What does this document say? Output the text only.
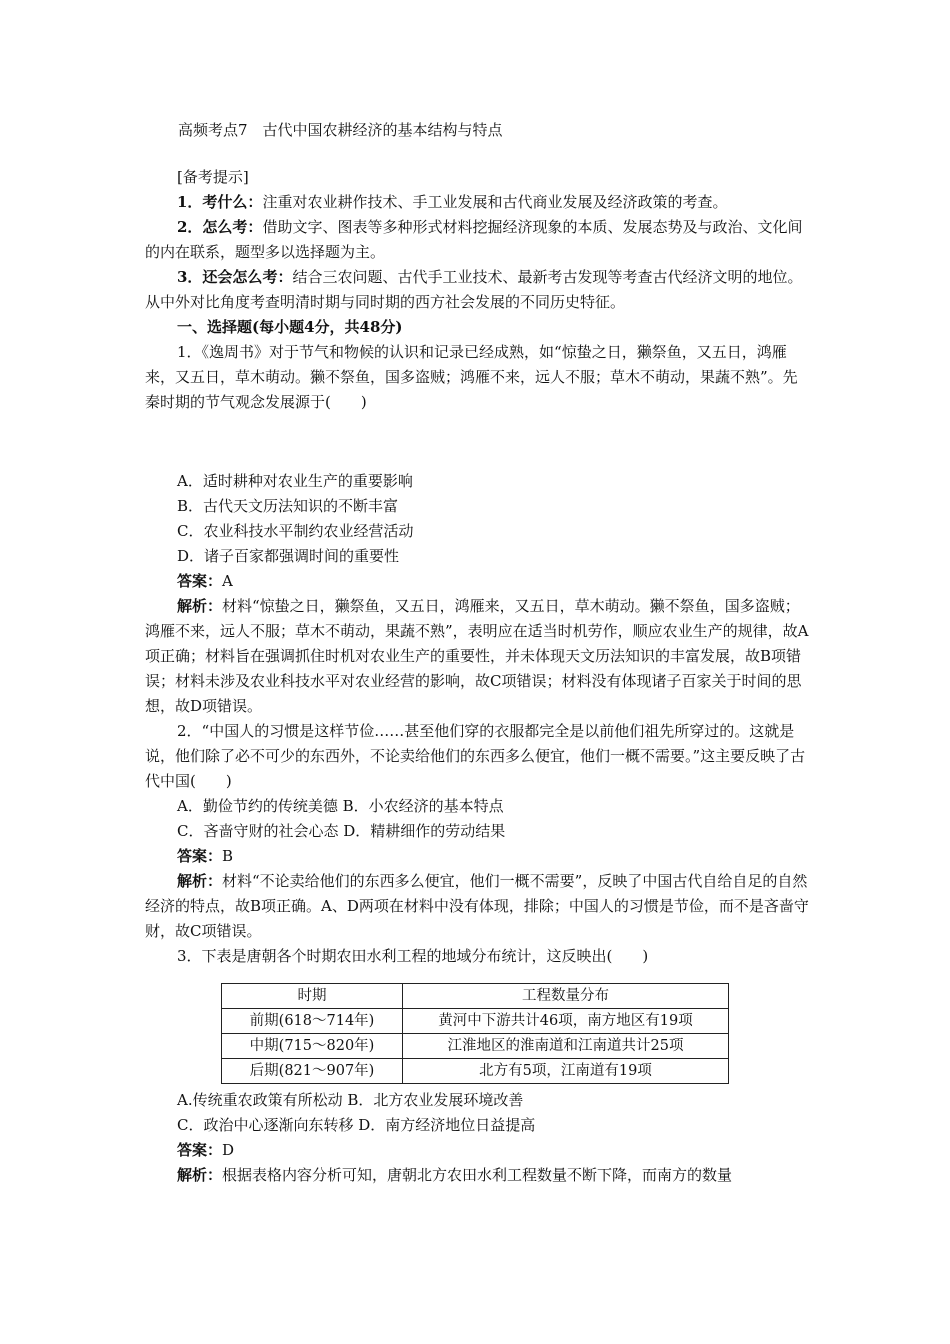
高频考点7　古代中国农耕经济的基本结构与特点

[备考提示]

1．考什么：注重对农业耕作技术、手工业发展和古代商业发展及经济政策的考查。

2．怎么考：借助文字、图表等多种形式材料挖掘经济现象的本质、发展态势及与政治、文化间的内在联系，题型多以选择题为主。

3．还会怎么考：结合三农问题、古代手工业技术、最新考古发现等考查古代经济文明的地位。从中外对比角度考查明清时期与同时期的西方社会发展的不同历史特征。

一、选择题(每小题4分，共48分)

1．《逸周书》对于节气和物候的认识和记录已经成熟，如“惊蛰之日，獭祭鱼，又五日，鸿雁来，又五日，草木萌动。獭不祭鱼，国多盗贼；鸿雁不来，远人不服；草木不萌动，果蔬不熟”。先秦时期的节气观念发展源于(　　)

A．适时耕种对农业生产的重要影响

B．古代天文历法知识的不断丰富

C．农业科技水平制约农业经营活动

D．诸子百家都强调时间的重要性

答案：A

解析：材料“惊蛰之日，獭祭鱼，又五日，鸿雁来，又五日，草木萌动。獭不祭鱼，国多盗贼；鸿雁不来，远人不服；草木不萌动，果蔬不熟”，表明应在适当时机劳作，顺应农业生产的规律，故A项正确；材料旨在强调抓住时机对农业生产的重要性，并未体现天文历法知识的丰富发展，故B项错误；材料未涉及农业科技水平对农业经营的影响，故C项错误；材料没有体现诸子百家关于时间的思想，故D项错误。

2．“中国人的习惯是这样节俭……甚至他们穿的衣服都完全是以前他们祖先所穿过的。这就是说，他们除了必不可少的东西外，不论卖给他们的东西多么便宜，他们一概不需要。”这主要反映了古代中国(　　)

A．勤俭节约的传统美德 B．小农经济的基本特点

C．吝啬守财的社会心态 D．精耕细作的劳动结果

答案：B

解析：材料“不论卖给他们的东西多么便宜，他们一概不需要”，反映了中国古代自给自足的自然经济的特点，故B项正确。A、D两项在材料中没有体现，排除；中国人的习惯是节俭，而不是吝啬守财，故C项错误。

3．下表是唐朝各个时期农田水利工程的地域分布统计，这反映出(　　)

时期	工程数量分布
前期(618～714年)	黄河中下游共计46项，南方地区有19项
中期(715～820年)	江淮地区的淮南道和江南道共计25项
后期(821～907年)	北方有5项，江南道有19项

A.传统重农政策有所松动 B．北方农业发展环境改善

C．政治中心逐渐向东转移 D．南方经济地位日益提高

答案：D

解析：根据表格内容分析可知，唐朝北方农田水利工程数量不断下降，而南方的数量
